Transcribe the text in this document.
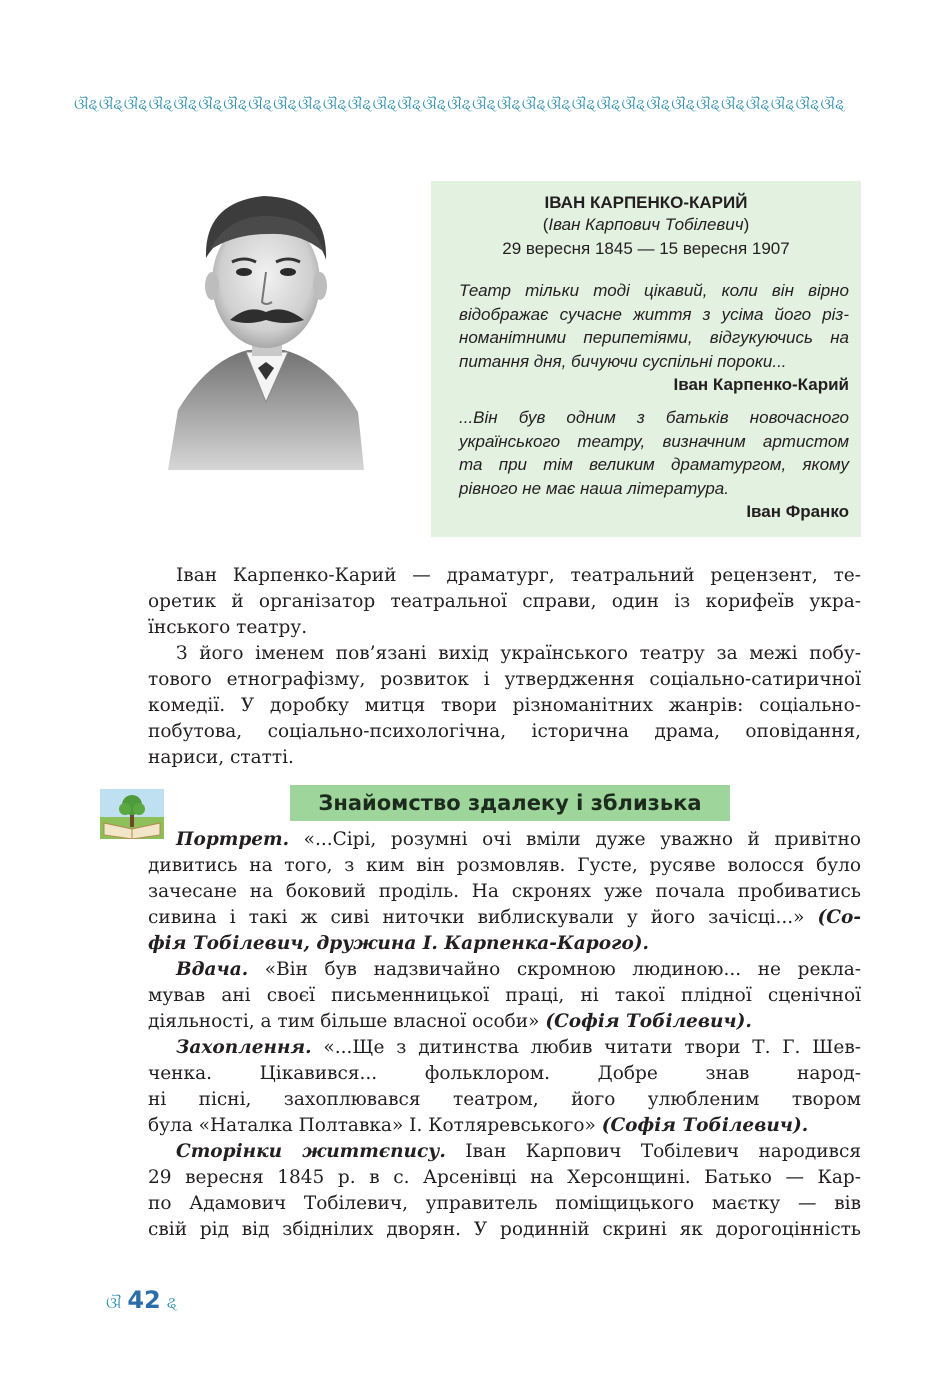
ଔୡଔୡଔୡଔୡଔୡଔୡଔୡଔୡଔୡଔୡଔୡଔୡଔୡଔୡଔୡଔୡଔୡଔୡଔୡଔୡଔୡଔୡଔୡଔୡଔୡଔୡଔୡଔୡଔୡଔୡଔୡ
ІВАН КАРПЕНКО-КАРИЙ
(Іван Карпович Тобілевич)
29 вересня 1845 — 15 вересня 1907
Театр тільки тоді цікавий, коли він вірно
відображає сучасне життя з усіма його різ-
номанітними перипетіями, відгукуючись на
питання дня, бичуючи суспільні пороки...
Іван Карпенко-Карий
...Він був одним з батьків новочасного
українського театру, визначним артистом
та при тім великим драматургом, якому
рівного не має наша література.
Іван Франко
Іван Карпенко-Карий — драматург, театральний рецензент, те-
оретик й організатор театральної справи, один із корифеїв укра-
їнського театру.
З його іменем пов’язані вихід українського театру за межі побу-
тового етнографізму, розвиток і утвердження соціально-сатиричної
комедії. У доробку митця твори різноманітних жанрів: соціально-
побутова, соціально-психологічна, історична драма, оповідання,
нариси, статті.
Знайомство здалеку і зблизька
Портрет. «...Сірі, розумні очі вміли дуже уважно й привітно
дивитись на того, з ким він розмовляв. Густе, русяве волосся було
зачесане на боковий проділь. На скронях уже почала пробиватись
сивина і такі ж сиві ниточки виблискували у його зачісці...» (Со-
фія Тобілевич, дружина І. Карпенка-Карого).
Вдача. «Він був надзвичайно скромною людиною... не рекла-
мував ані своєї письменницької праці, ні такої плідної сценічної
діяльності, а тим більше власної особи» (Софія Тобілевич).
Захоплення. «...Ще з дитинства любив читати твори Т. Г. Шев-
ченка. Цікавився... фольклором. Добре знав народ-
ні пісні, захоплювався театром, його улюбленим твором
була «Наталка Полтавка» І. Котляревського» (Софія Тобілевич).
Сторінки життєпису. Іван Карпович Тобілевич народився
29 вересня 1845 р. в с. Арсенівці на Херсонщині. Батько — Кар-
по Адамович Тобілевич, управитель поміщицького маєтку — вів
свій рід від збіднілих дворян. У родинній скрині як дорогоцінність
ଔ 42 ୡ
